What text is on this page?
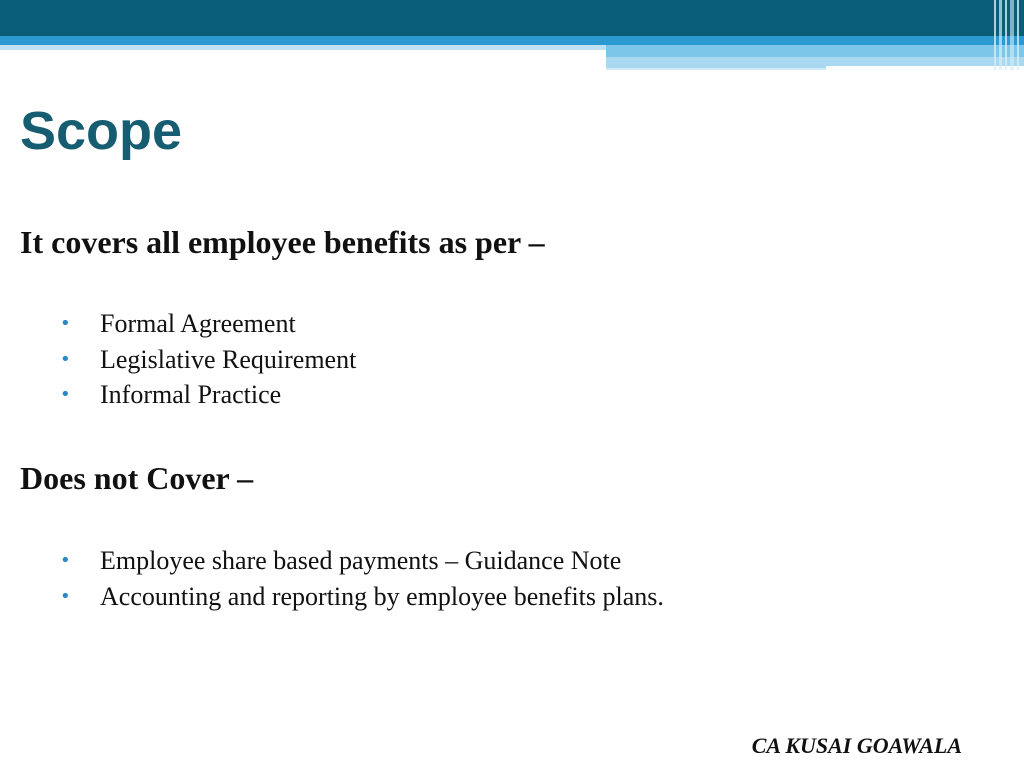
Scope
It covers all employee benefits as per –
• Formal Agreement
• Legislative Requirement
• Informal Practice
Does not Cover –
• Employee share based payments – Guidance Note
• Accounting and reporting by employee benefits plans.

CA KUSAI GOAWALA
